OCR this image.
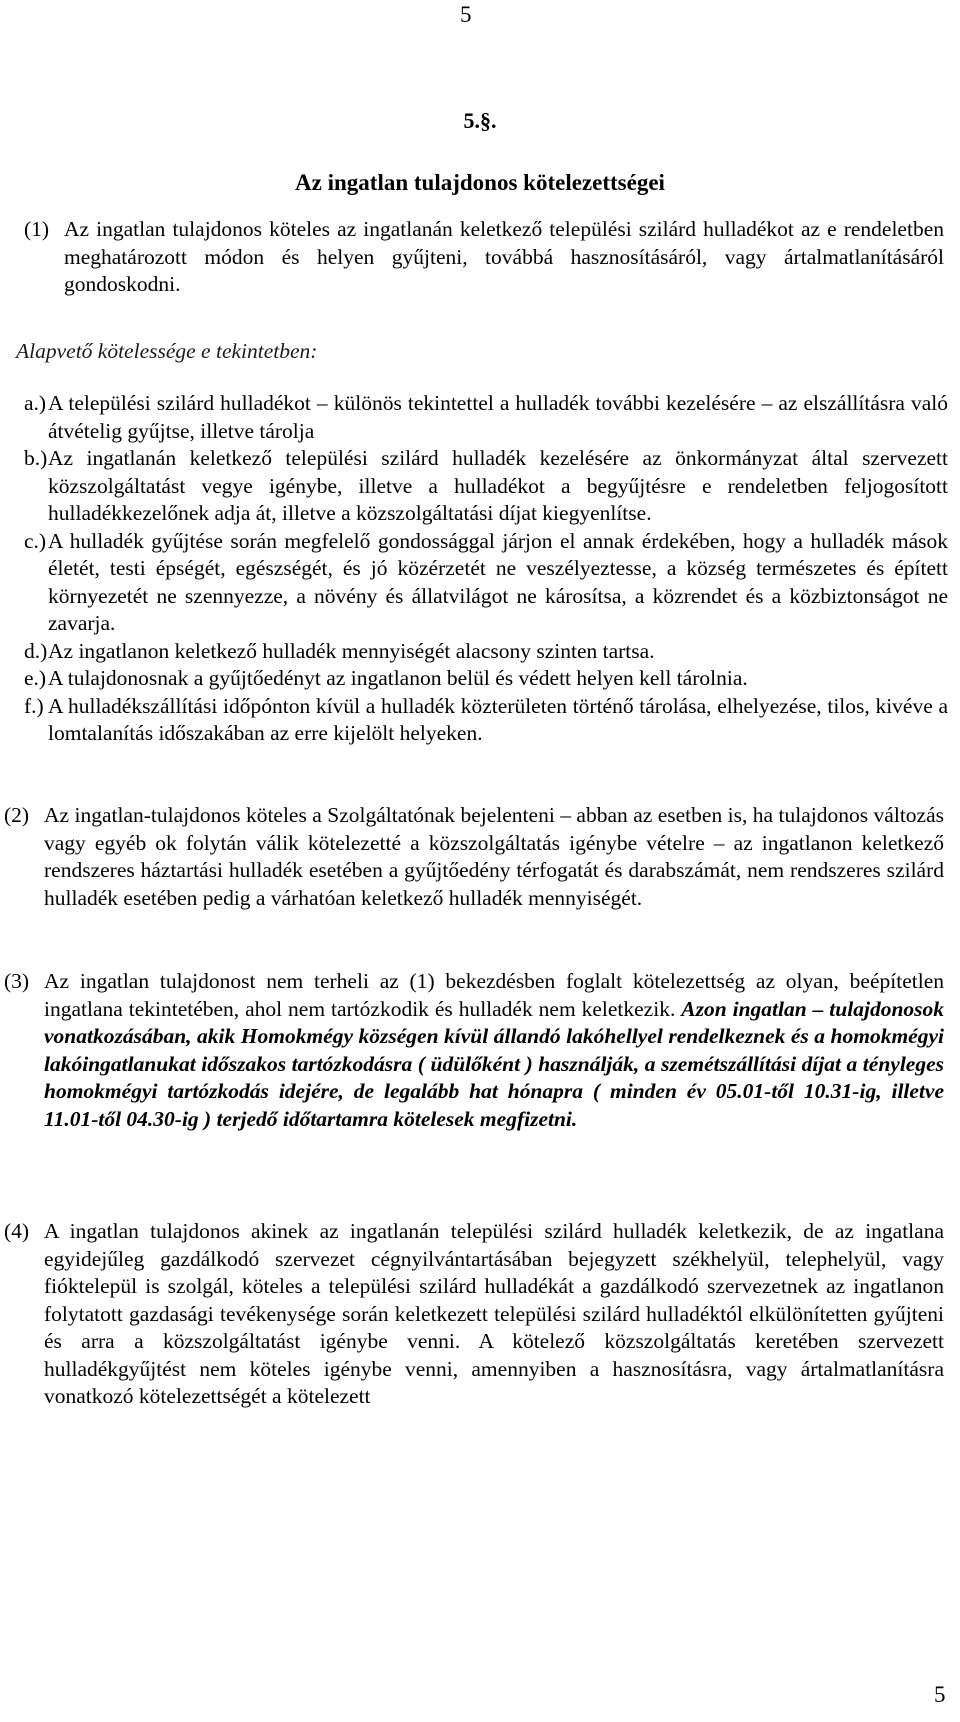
5
5.§.
Az ingatlan tulajdonos kötelezettségei
(1) Az ingatlan tulajdonos köteles az ingatlanán keletkező települési szilárd hulladékot az e rendeletben meghatározott módon és helyen gyűjteni, továbbá hasznosításáról, vagy ártalmatlanításáról gondoskodni.
Alapvető kötelessége e tekintetben:
a.) A települési szilárd hulladékot – különös tekintettel a hulladék további kezelésére – az elszállításra való átvételig gyűjtse, illetve tárolja
b.) Az ingatlanán keletkező települési szilárd hulladék kezelésére az önkormányzat által szervezett közszolgáltatást vegye igénybe, illetve a hulladékot a begyűjtésre e rendeletben feljogosított hulladékkezelőnek adja át, illetve a közszolgáltatási díjat kiegyenlítse.
c.) A hulladék gyűjtése során megfelelő gondossággal járjon el annak érdekében, hogy a hulladék mások életét, testi épségét, egészségét, és jó közérzetét ne veszélyeztesse, a község természetes és épített környezetét ne szennyezze, a növény és állatvilágot ne károsítsa, a közrendet és a közbiztonságot ne zavarja.
d.) Az ingatlanon keletkező hulladék mennyiségét alacsony szinten tartsa.
e.) A tulajdonosnak a gyűjtőedényt az ingatlanon belül és védett helyen kell tárolnia.
f.) A hulladékszállítási időpónton kívül a hulladék közterületen történő tárolása, elhelyezése, tilos, kivéve a lomtalanítás időszakában az erre kijelölt helyeken.
(2) Az ingatlan-tulajdonos köteles a Szolgáltatónak bejelenteni – abban az esetben is, ha tulajdonos változás vagy egyéb ok folytán válik kötelezetté a közszolgáltatás igénybe vételre – az ingatlanon keletkező rendszeres háztartási hulladék esetében a gyűjtőedény térfogatát és darabszámát, nem rendszeres szilárd hulladék esetében pedig a várhatóan keletkező hulladék mennyiségét.
(3) Az ingatlan tulajdonost nem terheli az (1) bekezdésben foglalt kötelezettség az olyan, beépítetlen ingatlana tekintetében, ahol nem tartózkodik és hulladék nem keletkezik. Azon ingatlan – tulajdonosok vonatkozásában, akik Homokmégy községen kívül állandó lakóhellyel rendelkeznek és a homokmégyi lakóingatlanukat időszakos tartózkodásra ( üdülőként ) használják, a szemétszállítási díjat a tényleges homokmégyi tartózkodás idejére, de legalább hat hónapra ( minden év 05.01-től 10.31-ig, illetve 11.01-től 04.30-ig ) terjedő időtartamra kötelesek megfizetni.
(4) A ingatlan tulajdonos akinek az ingatlanán települési szilárd hulladék keletkezik, de az ingatlana egyidejűleg gazdálkodó szervezet cégnyilvántartásában bejegyzett székhelyül, telephelyül, vagy fióktelepül is szolgál, köteles a települési szilárd hulladékát a gazdálkodó szervezetnek az ingatlanon folytatott gazdasági tevékenysége során keletkezett települési szilárd hulladéktól elkülönítetten gyűjteni és arra a közszolgáltatást igénybe venni. A kötelező közszolgáltatás keretében szervezett hulladékgyűjtést nem köteles igénybe venni, amennyiben a hasznosításra, vagy ártalmatlanításra vonatkozó kötelezettségét a kötelezett
5
